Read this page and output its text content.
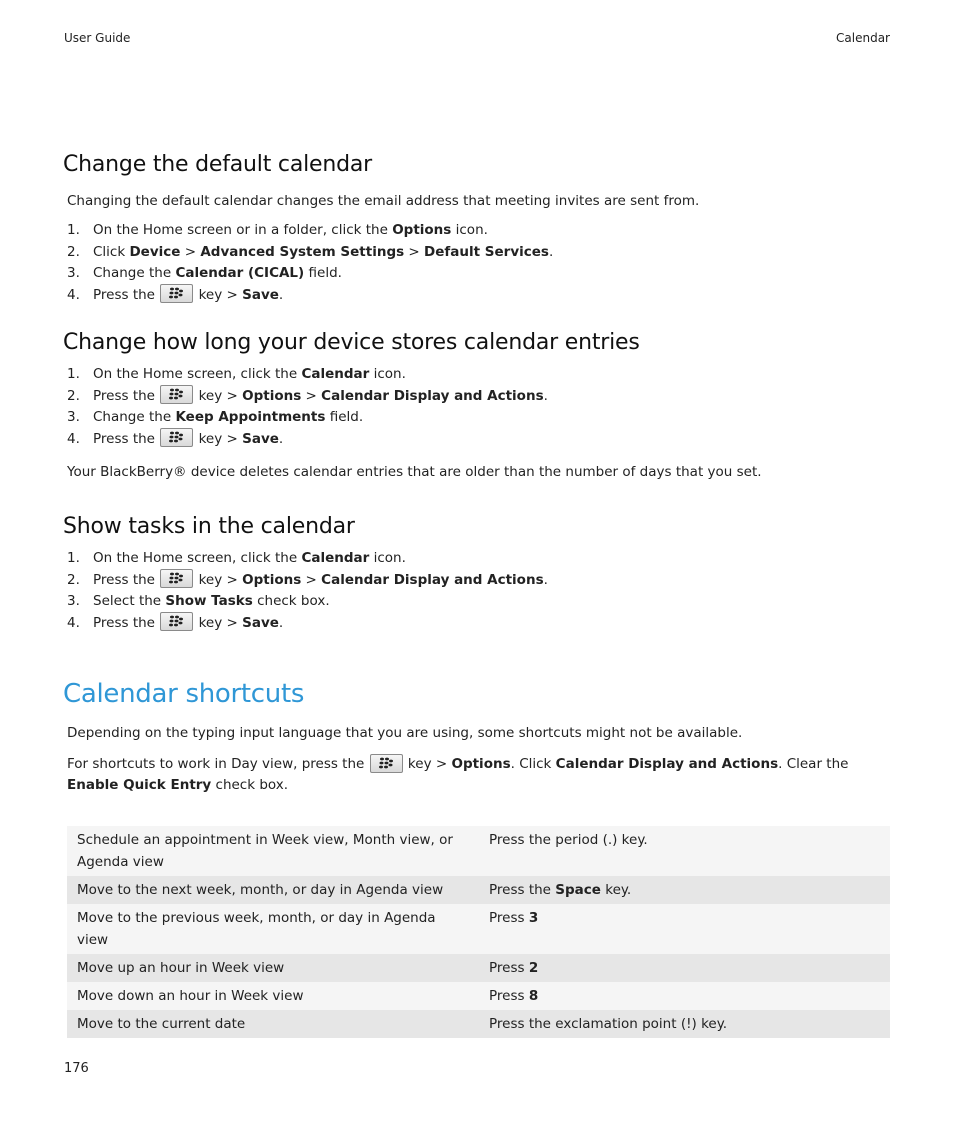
User Guide	Calendar
Change the default calendar
Changing the default calendar changes the email address that meeting invites are sent from.
1. On the Home screen or in a folder, click the Options icon.
2. Click Device > Advanced System Settings > Default Services.
3. Change the Calendar (CICAL) field.
4. Press the	key > Save.
Change how long your device stores calendar entries
1. On the Home screen, click the Calendar icon.
2. Press the	key > Options > Calendar Display and Actions.
3. Change the Keep Appointments field.
4. Press the	key > Save.
Your BlackBerry® device deletes calendar entries that are older than the number of days that you set.
Show tasks in the calendar
1. On the Home screen, click the Calendar icon.
2. Press the	key > Options > Calendar Display and Actions.
3. Select the Show Tasks check box.
4. Press the	key > Save.
Calendar shortcuts
Depending on the typing input language that you are using, some shortcuts might not be available.
For shortcuts to work in Day view, press the	key > Options. Click Calendar Display and Actions. Clear the Enable Quick Entry check box.
Schedule an appointment in Week view, Month view, or Agenda view	Press the period (.) key.
Move to the next week, month, or day in Agenda view	Press the Space key.
Move to the previous week, month, or day in Agenda view	Press 3
Move up an hour in Week view	Press 2
Move down an hour in Week view	Press 8
Move to the current date	Press the exclamation point (!) key.
176
